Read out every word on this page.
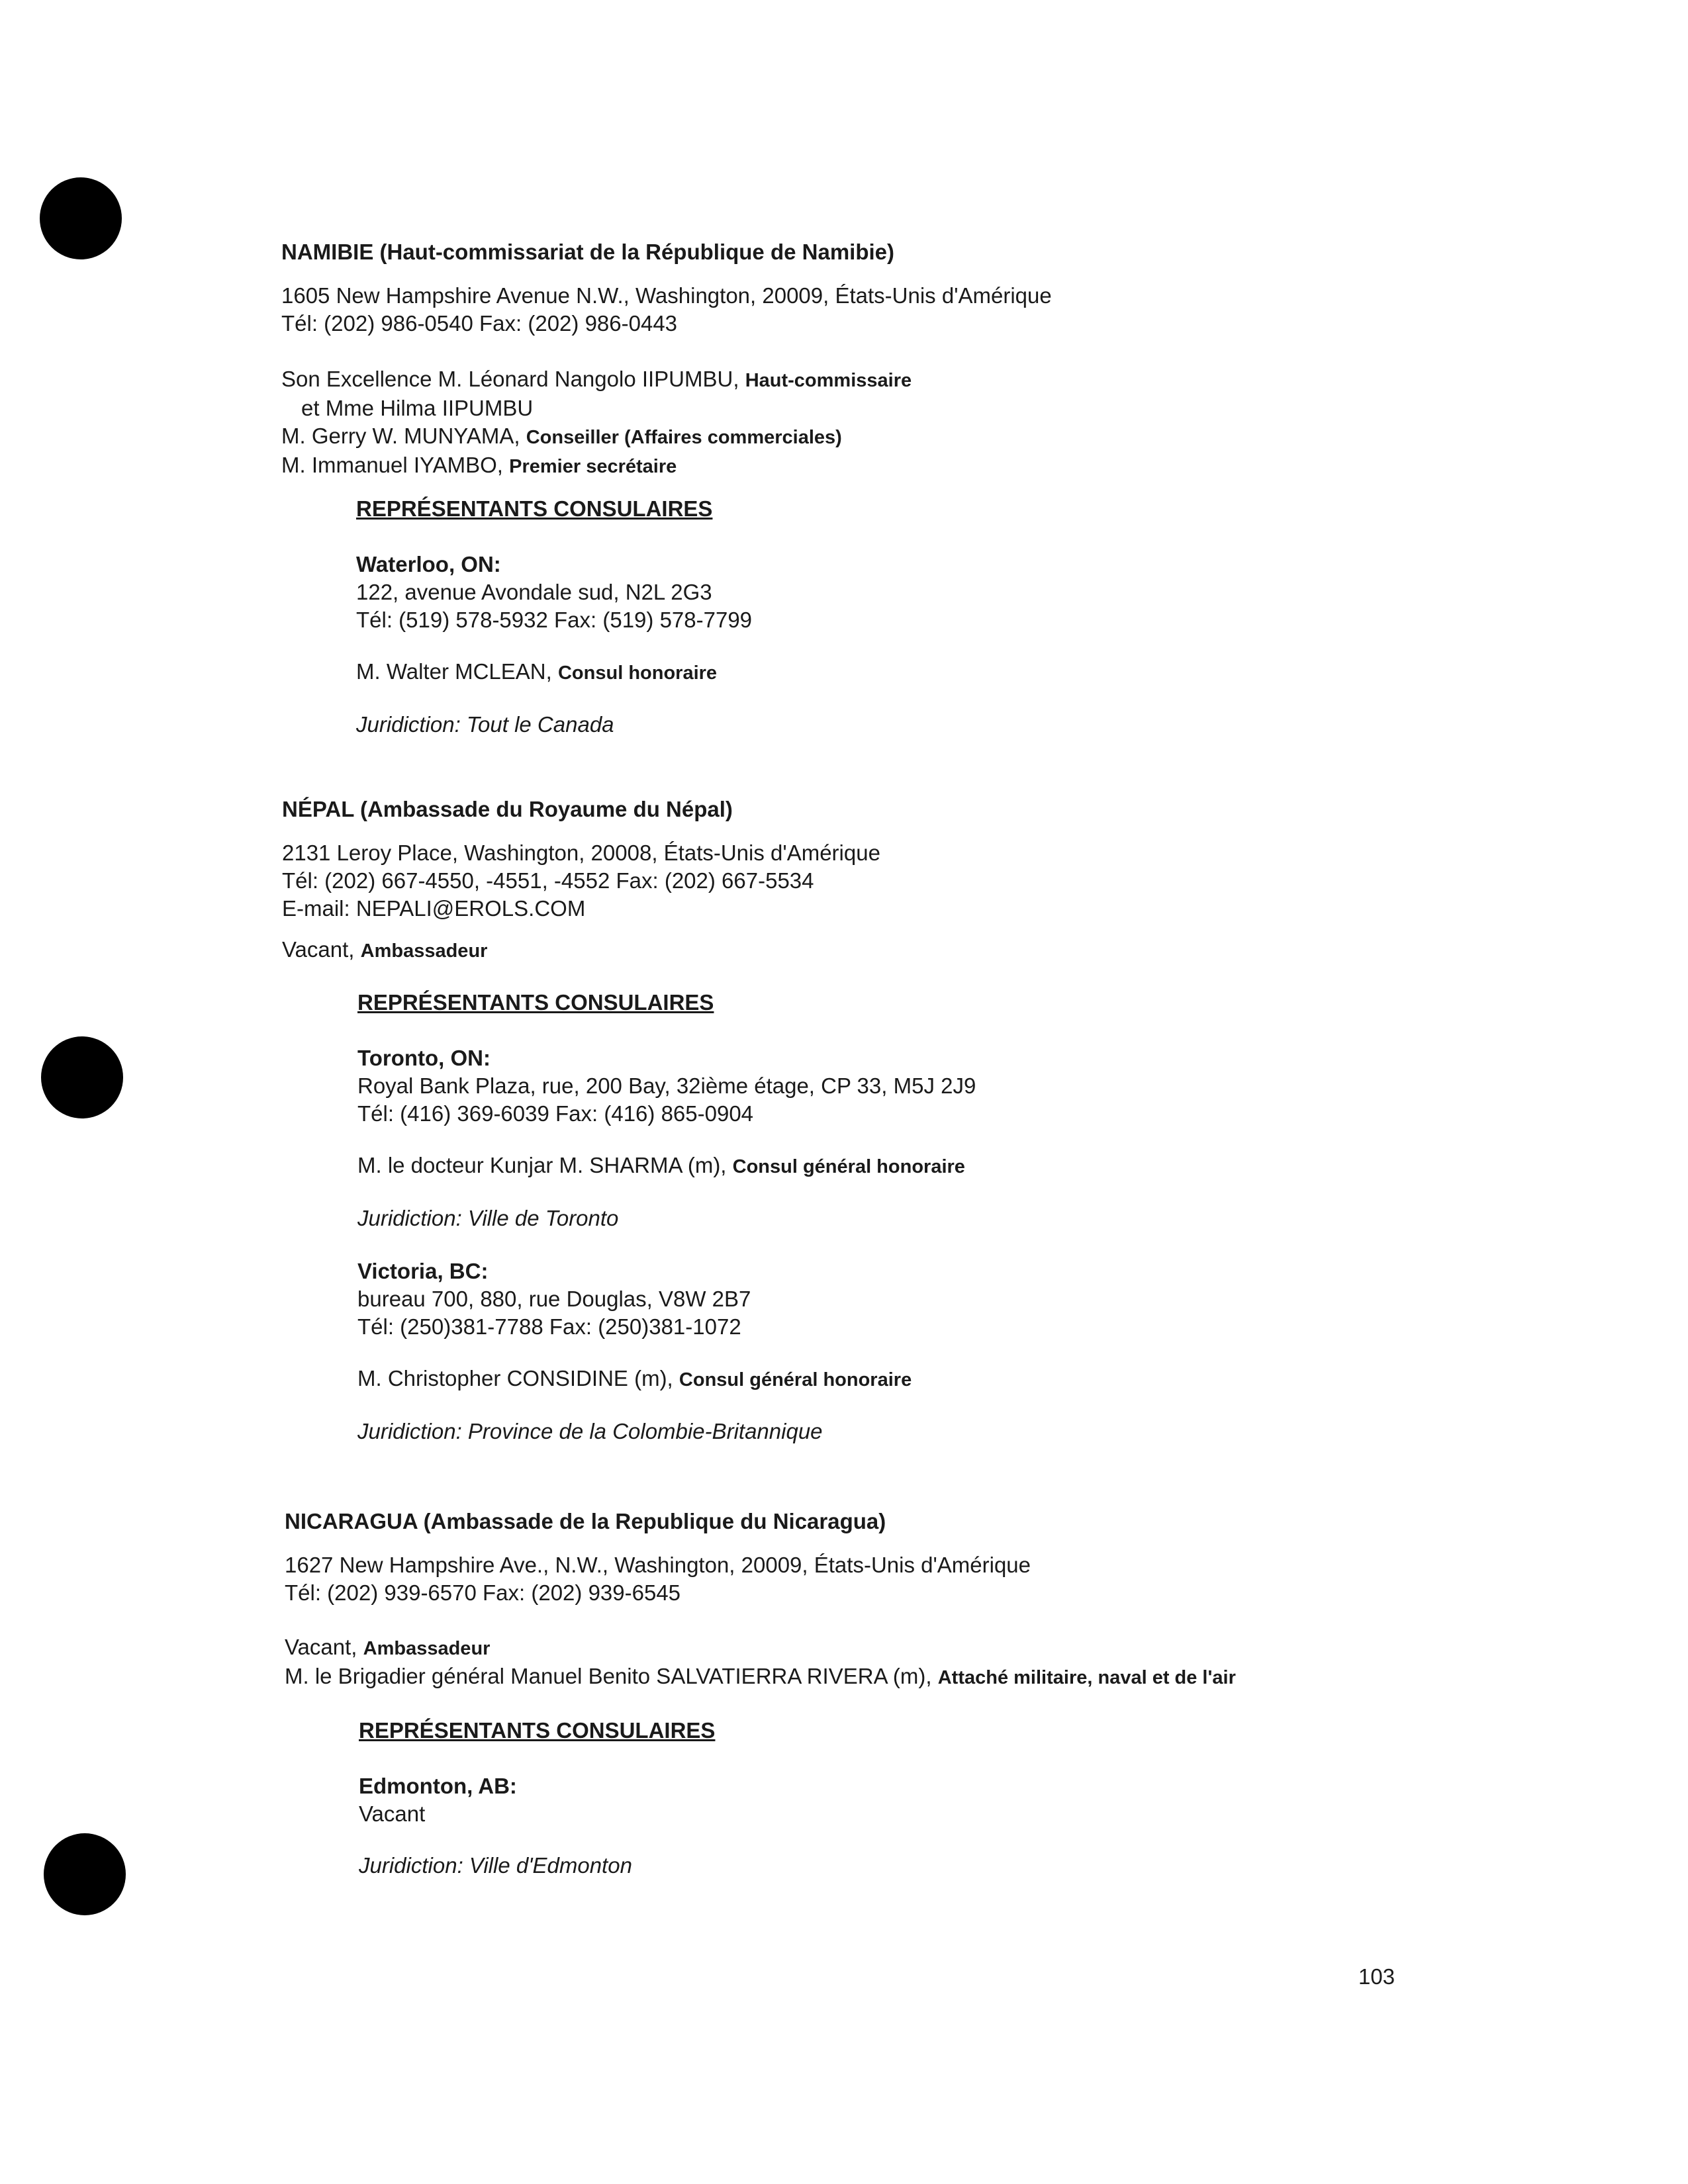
NAMIBIE (Haut-commissariat de la République de Namibie)
1605 New Hampshire Avenue N.W., Washington, 20009, États-Unis d'Amérique
Tél: (202) 986-0540 Fax: (202) 986-0443
Son Excellence M. Léonard Nangolo IIPUMBU, Haut-commissaire
et Mme Hilma IIPUMBU
M. Gerry W. MUNYAMA, Conseiller (Affaires commerciales)
M. Immanuel IYAMBO, Premier secrétaire
REPRÉSENTANTS CONSULAIRES
Waterloo, ON:
122, avenue Avondale sud, N2L 2G3
Tél: (519) 578-5932 Fax: (519) 578-7799
M. Walter MCLEAN, Consul honoraire
Juridiction: Tout le Canada
NÉPAL (Ambassade du Royaume du Népal)
2131 Leroy Place, Washington, 20008, États-Unis d'Amérique
Tél: (202) 667-4550, -4551, -4552 Fax: (202) 667-5534
E-mail: NEPALI@EROLS.COM
Vacant, Ambassadeur
REPRÉSENTANTS CONSULAIRES
Toronto, ON:
Royal Bank Plaza, rue, 200 Bay, 32ième étage, CP 33, M5J 2J9
Tél: (416) 369-6039 Fax: (416) 865-0904
M. le docteur Kunjar M. SHARMA (m), Consul général honoraire
Juridiction: Ville de Toronto
Victoria, BC:
bureau 700, 880, rue Douglas, V8W 2B7
Tél: (250)381-7788 Fax: (250)381-1072
M. Christopher CONSIDINE (m), Consul général honoraire
Juridiction: Province de la Colombie-Britannique
NICARAGUA (Ambassade de la Republique du Nicaragua)
1627 New Hampshire Ave., N.W., Washington, 20009, États-Unis d'Amérique
Tél: (202) 939-6570 Fax: (202) 939-6545
Vacant, Ambassadeur
M. le Brigadier général Manuel Benito SALVATIERRA RIVERA (m), Attaché militaire, naval et de l'air
REPRÉSENTANTS CONSULAIRES
Edmonton, AB:
Vacant
Juridiction: Ville d'Edmonton
103
